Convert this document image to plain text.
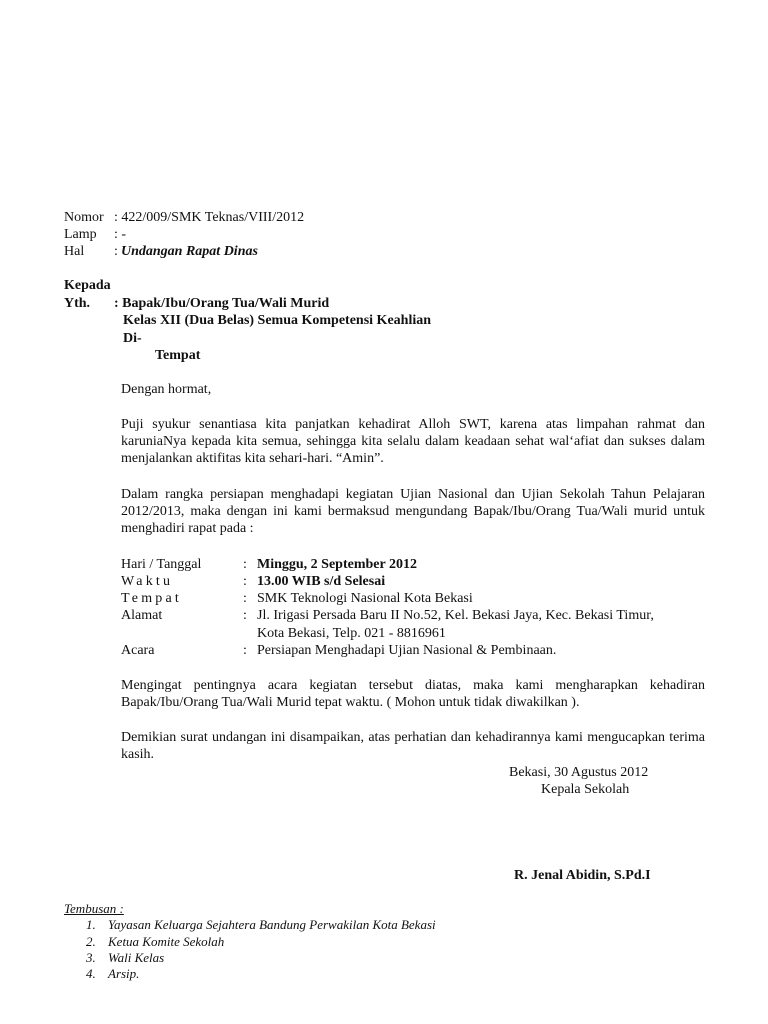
Nomor : 422/009/SMK Teknas/VIII/2012
Lamp : -
Hal : Undangan Rapat Dinas
Kepada
Yth. : Bapak/Ibu/Orang Tua/Wali Murid
Kelas XII (Dua Belas) Semua Kompetensi Keahlian
Di-
Tempat
Dengan hormat,
Puji syukur senantiasa kita panjatkan kehadirat Alloh SWT, karena atas limpahan rahmat dan karuniaNya kepada kita semua, sehingga kita selalu dalam keadaan sehat wal‘afiat dan sukses dalam menjalankan aktifitas kita sehari-hari. “Amin”.
Dalam rangka persiapan menghadapi kegiatan Ujian Nasional dan Ujian Sekolah Tahun Pelajaran 2012/2013, maka dengan ini kami bermaksud mengundang Bapak/Ibu/Orang Tua/Wali murid untuk menghadiri rapat pada :
Hari / Tanggal	: Minggu, 2 September 2012
Waktu	: 13.00 WIB s/d Selesai
Tempat	: SMK Teknologi Nasional Kota Bekasi
Alamat	: Jl. Irigasi Persada Baru II No.52, Kel. Bekasi Jaya, Kec. Bekasi Timur,
Kota Bekasi, Telp. 021 - 8816961
Acara	: Persiapan Menghadapi Ujian Nasional & Pembinaan.
Mengingat pentingnya acara kegiatan tersebut diatas, maka kami mengharapkan kehadiran Bapak/Ibu/Orang Tua/Wali Murid tepat waktu. ( Mohon untuk tidak diwakilkan ).
Demikian surat undangan ini disampaikan, atas perhatian dan kehadirannya kami mengucapkan terima kasih.
Bekasi, 30 Agustus 2012
Kepala Sekolah
R. Jenal Abidin, S.Pd.I
Tembusan :
1. Yayasan Keluarga Sejahtera Bandung Perwakilan Kota Bekasi
2. Ketua Komite Sekolah
3. Wali Kelas
4. Arsip.
